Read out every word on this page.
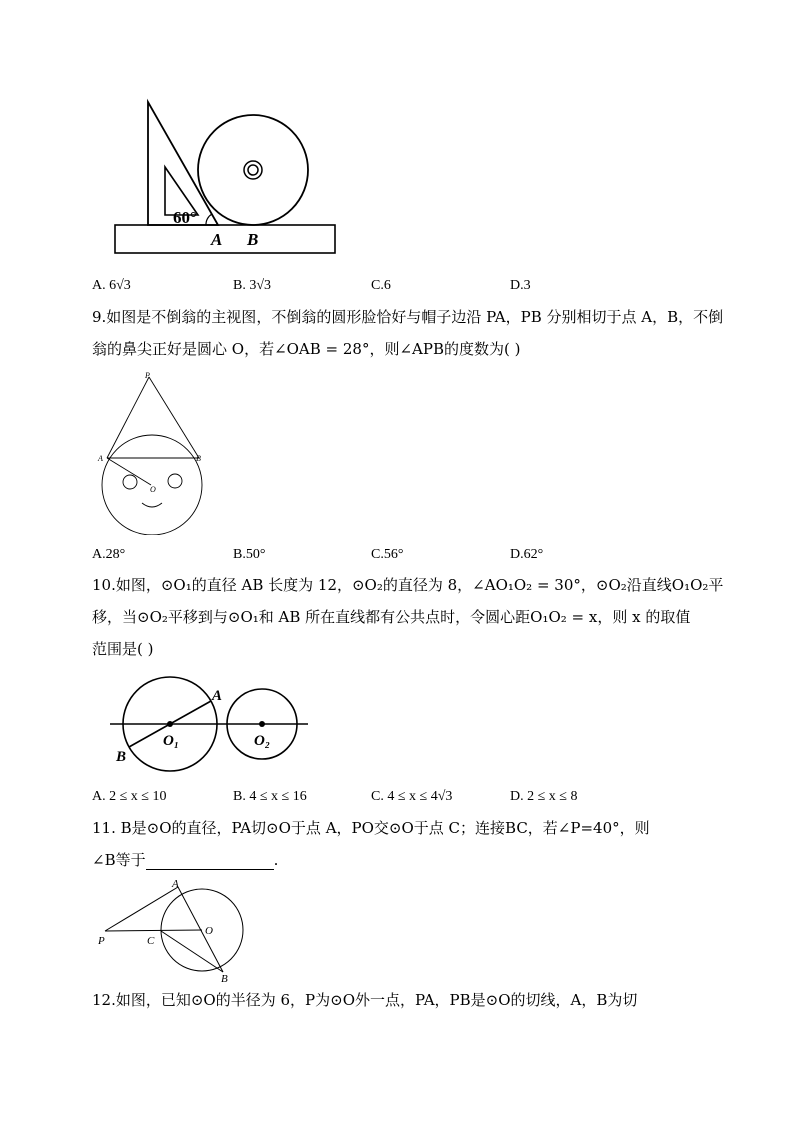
60°
A B
A. 6√3	B. 3√3	C.6	D.3
9.如图是不倒翁的主视图，不倒翁的圆形脸恰好与帽子边沿 PA，PB 分别相切于点 A，B，不倒
翁的鼻尖正好是圆心 O，若∠OAB = 28°，则∠APB的度数为( )
P
A	B
O
A.28°	B.50°	C.56°	D.62°
10.如图，⊙O₁的直径 AB 长度为 12，⊙O₂的直径为 8，∠AO₁O₂ = 30°，⊙O₂沿直线O₁O₂平
移，当⊙O₂平移到与⊙O₁和 AB 所在直线都有公共点时，令圆心距O₁O₂ = x，则 x 的取值
范围是( )
A
B
O₁	O₂
A. 2 ≤ x ≤ 10	B. 4 ≤ x ≤ 16	C. 4 ≤ x ≤ 4√3	D. 2 ≤ x ≤ 8
11. B是⊙O的直径，PA切⊙O于点 A，PO交⊙O于点 C；连接BC，若∠P=40°，则
∠B等于	.
A
P	C
O
B
12.如图，已知⊙O的半径为 6，P为⊙O外一点，PA，PB是⊙O的切线，A，B为切
